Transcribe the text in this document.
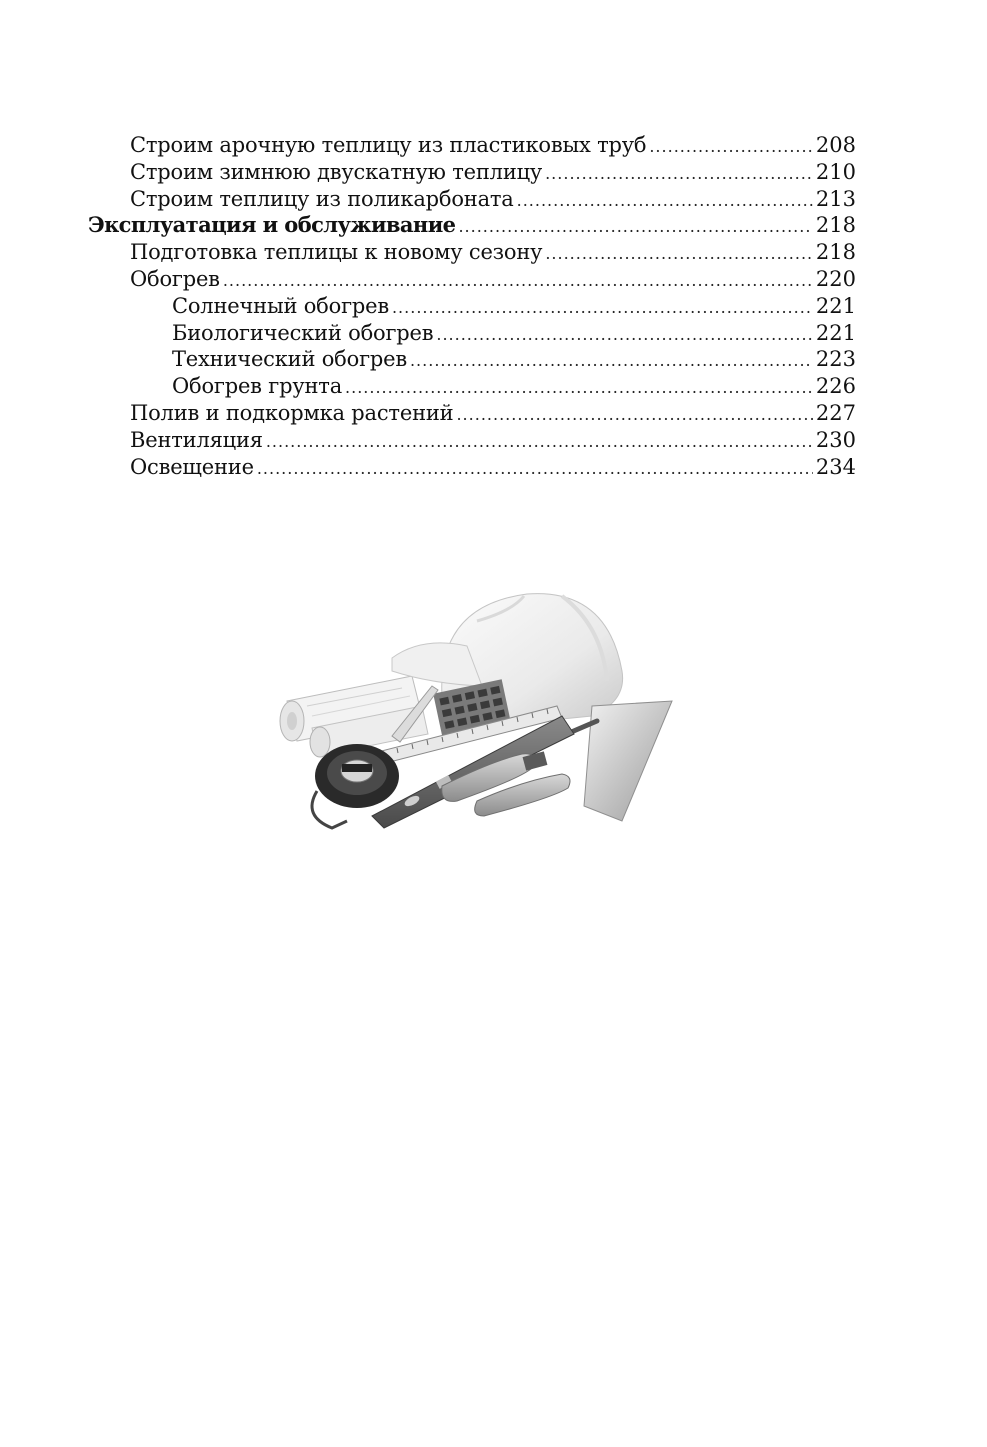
Строим арочную теплицу из пластиковых труб .....	208
Строим зимнюю двускатную теплицу .....	210
Строим теплицу из поликарбоната .....	213
Эксплуатация и обслуживание .....	218
Подготовка теплицы к новому сезону .....	218
Обогрев .....	220
Солнечный обогрев .....	221
Биологический обогрев .....	221
Технический обогрев .....	223
Обогрев грунта .....	226
Полив и подкормка растений .....	227
Вентиляция .....	230
Освещение .....	234
